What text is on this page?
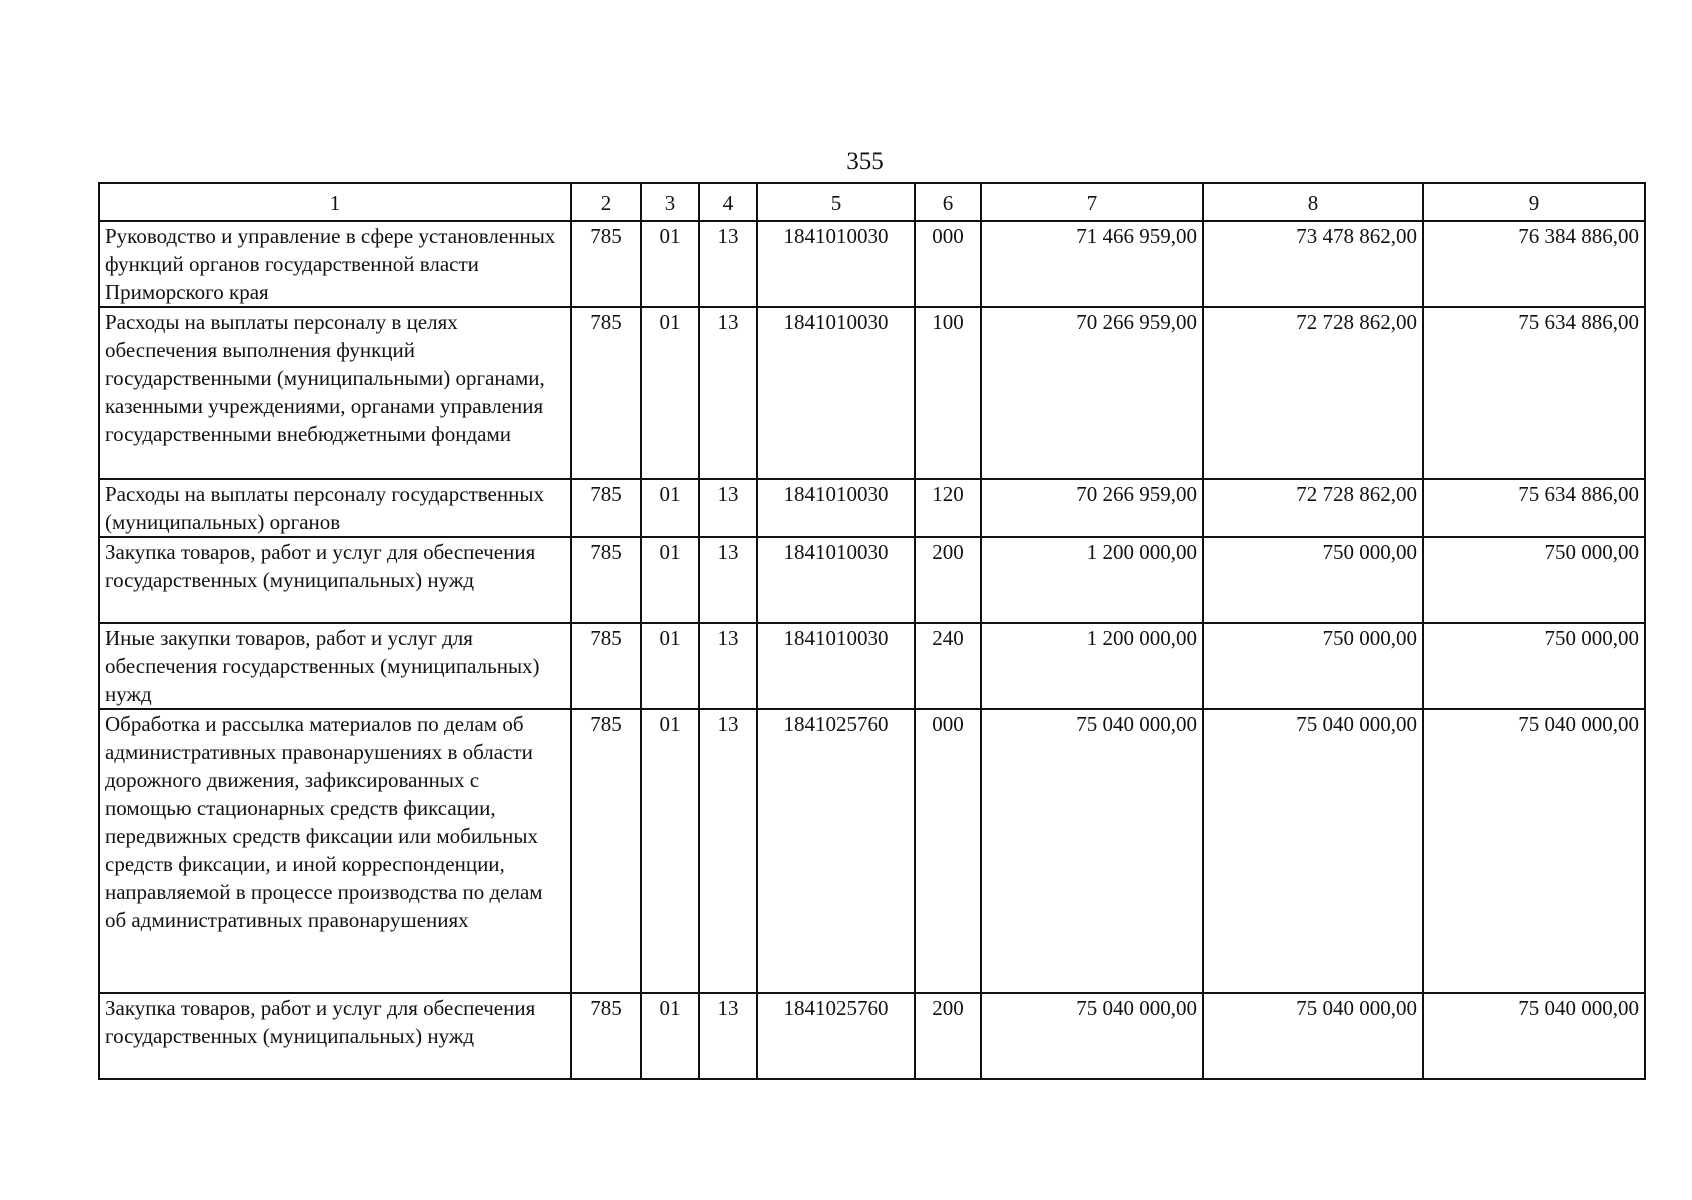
355
1	2	3	4	5	6	7	8	9
Руководство и управление в сфере установленных функций органов государственной власти Приморского края	785	01	13	1841010030	000	71 466 959,00	73 478 862,00	76 384 886,00
Расходы на выплаты персоналу в целях обеспечения выполнения функций государственными (муниципальными) органами, казенными учреждениями, органами управления государственными внебюджетными фондами	785	01	13	1841010030	100	70 266 959,00	72 728 862,00	75 634 886,00
Расходы на выплаты персоналу государственных (муниципальных) органов	785	01	13	1841010030	120	70 266 959,00	72 728 862,00	75 634 886,00
Закупка товаров, работ и услуг для обеспечения государственных (муниципальных) нужд	785	01	13	1841010030	200	1 200 000,00	750 000,00	750 000,00
Иные закупки товаров, работ и услуг для обеспечения государственных (муниципальных) нужд	785	01	13	1841010030	240	1 200 000,00	750 000,00	750 000,00
Обработка и рассылка материалов по делам об административных правонарушениях в области дорожного движения, зафиксированных с помощью стационарных средств фиксации, передвижных средств фиксации или мобильных средств фиксации, и иной корреспонденции, направляемой в процессе производства по делам об административных правонарушениях	785	01	13	1841025760	000	75 040 000,00	75 040 000,00	75 040 000,00
Закупка товаров, работ и услуг для обеспечения государственных (муниципальных) нужд	785	01	13	1841025760	200	75 040 000,00	75 040 000,00	75 040 000,00
